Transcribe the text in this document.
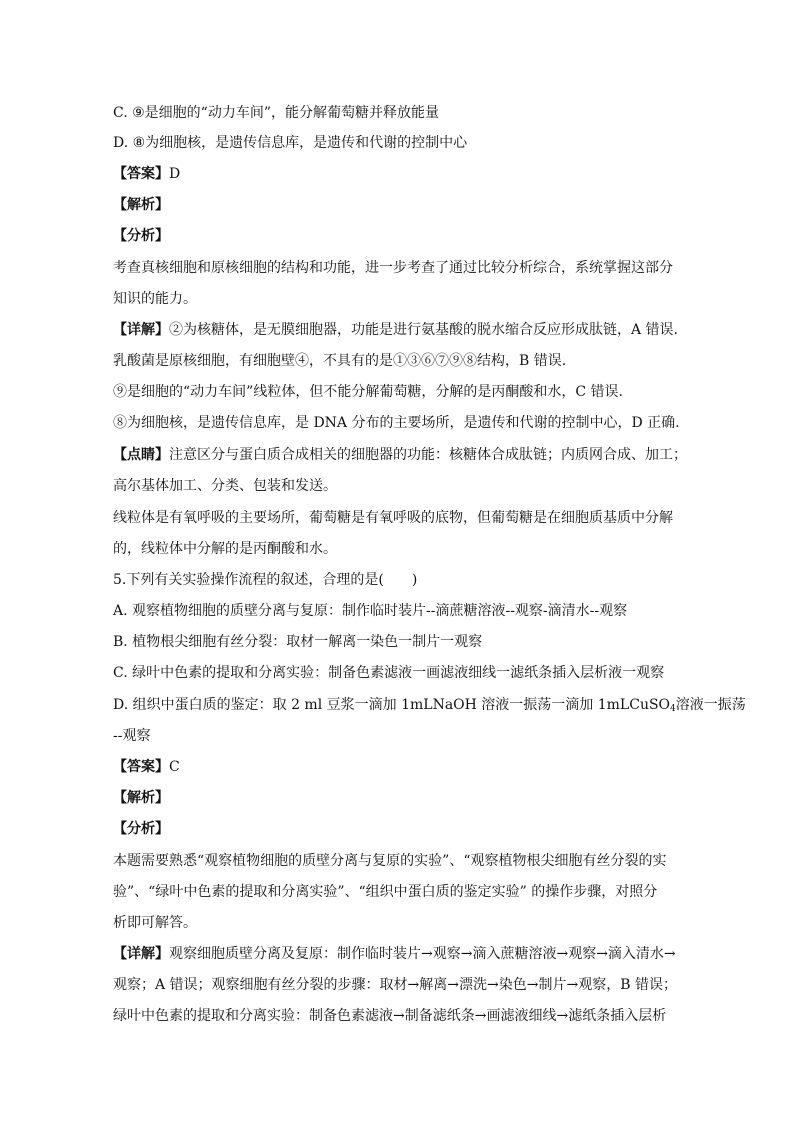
C. ⑨是细胞的“动力车间”，能分解葡萄糖并释放能量
D. ⑧为细胞核，是遗传信息库，是遗传和代谢的控制中心
【答案】D
【解析】
【分析】
考查真核细胞和原核细胞的结构和功能，进一步考查了通过比较分析综合，系统掌握这部分
知识的能力。
【详解】②为核糖体，是无膜细胞器，功能是进行氨基酸的脱水缩合反应形成肽链，A 错误.
乳酸菌是原核细胞，有细胞壁④，不具有的是①③⑥⑦⑨⑧结构，B 错误.
⑨是细胞的“动力车间”线粒体，但不能分解葡萄糖，分解的是丙酮酸和水，C 错误.
⑧为细胞核，是遗传信息库，是 DNA 分布的主要场所，是遗传和代谢的控制中心，D 正确.
【点睛】注意区分与蛋白质合成相关的细胞器的功能：核糖体合成肽链；内质网合成、加工；
高尔基体加工、分类、包装和发送。
线粒体是有氧呼吸的主要场所，葡萄糖是有氧呼吸的底物，但葡萄糖是在细胞质基质中分解
的，线粒体中分解的是丙酮酸和水。
5.下列有关实验操作流程的叙述，合理的是(　　)
A. 观察植物细胞的质壁分离与复原：制作临时装片--滴蔗糖溶液--观察-滴清水--观察
B. 植物根尖细胞有丝分裂：取材一解离一染色一制片一观察
C. 绿叶中色素的提取和分离实验：制备色素滤液一画滤液细线一滤纸条插入层析液一观察
D. 组织中蛋白质的鉴定：取 2 ml 豆浆一滴加 1mLNaOH 溶液一振荡一滴加 1mLCuSO$_4$溶液一振荡
--观察
【答案】C
【解析】
【分析】
本题需要熟悉“观察植物细胞的质壁分离与复原的实验”、“观察植物根尖细胞有丝分裂的实
验”、“绿叶中色素的提取和分离实验”、“组织中蛋白质的鉴定实验” 的操作步骤，对照分
析即可解答。
【详解】观察细胞质壁分离及复原：制作临时装片→观察→滴入蔗糖溶液→观察→滴入清水→
观察；A 错误；观察细胞有丝分裂的步骤：取材→解离→漂洗→染色→制片→观察，B 错误；
绿叶中色素的提取和分离实验：制备色素滤液→制备滤纸条→画滤液细线→滤纸条插入层析
